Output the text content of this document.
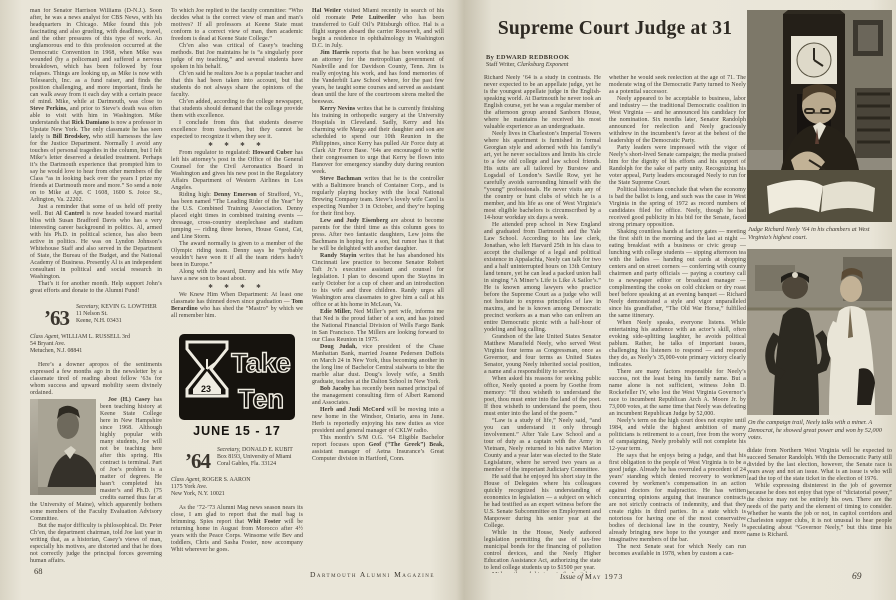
man for Senator Harrison Williams (D-N.J.). Soon after, he was a news analyst for CBS News, with his headquarters in Chicago. Mike found this job fascinating and also grueling, with deadlines, travel, and the other pressures of this type of work. An unglamorous end to this profession occurred at the Democratic Convention in 1968, when Mike was wounded (by a policeman) and suffered a nervous breakdown, which has been followed by four relapses. Things are looking up, as Mike is now with Telesearch, Inc. as a fund raiser, and finds the position challenging, and more important, finds he can walk away from it each day with a certain peace of mind. Mike, while at Dartmouth, was close to Steve Perkins, and prior to Steve’s death was often able to visit with him in Washington. Mike understands that Rick Damiano is now a professor in Upstate New York. The only classmate he has seen lately is Bill Brodskey, who still harnesses the law for the Justice Department. Normally I avoid any touches of personal tragedies in the column, but I felt Mike’s letter deserved a detailed treatment. Perhaps it’s the Dartmouth experience that prompted him to say he would love to hear from other members of the Class “as in looking back over the years I prize my friends at Dartmouth more and more.” So send a note on to Mike at Apt. C 1608, 1600 S. Joice St., Arlington, Va. 22202.

Just a reminder that some of us held off pretty well. But Al Cantrel is now headed toward marital bliss with Susan Bradford Davis who has a very interesting career background in politics. Al, armed with his Ph.D. in political science, has also been active in politics. He was on Lyndon Johnson’s Whitehouse Staff and also served in the Department of State, the Bureau of the Budget, and the National Academy of Business. Presently Al is an independent consultant in political and social research in Washington.

That’s it for another month. Help support John’s great efforts and donate to the Alumni Fund!

’63 Secretary, KEVIN G. LOWTHER
11 Nelson St.
Keene, N.H. 03431
Class Agent, WILLIAM L. RUSSELL 3rd
54 Bryant Ave.
Metuchen, N.J. 08841

Here’s a downer apropos of the sentiments expressed a few months ago in the newsletter by a classmate tired of reading about fellow ’63s for whom success and upward mobility seem divinely ordained.

Joe (H.) Casey has been teaching history at Keene State College here in New Hampshire since 1968. Although highly popular with many students, Joe will not be teaching here after this spring. His contract is terminal. Part of Joe’s problem is a matter of degrees. He hasn’t completed his master’s and Ph.D. (75 credits earned thus far at the University of Maine), which apparently bothers some members of the Faculty Evaluation Advisory Committee.

But the major difficulty is philosophical. Dr. Peter Ch’en, the department chairman, told Joe last year in writing that, as a historian, Casey’s views of man, especially his motives, are distorted and that he does not correctly judge the principal forces governing human affairs.

To which Joe replied to the faculty committee: “Who decides what is the correct view of man and man’s motives? If all professors at Keene State must conform to a correct view of man, then academic freedom is dead at Keene State College.”

Ch’en also was critical of Casey’s teaching methods. But Joe maintains he is “a singularly poor judge of my teaching,” and several students have spoken in his behalf.

Ch’en said he realizes Joe is a popular teacher and that this had been taken into account, but that students do not always share the opinions of the faculty.

Ch’en added, according to the college newspaper, that students should demand that the college provide them with excellence.

I conclude from this that students deserve excellence from teachers, but they cannot be expected to recognize it when they see it.

✱ ✱ ✱ ✱

From regulator to regulated: Howard Cuber has left his attorney’s post in the Office of the General Counsel for the Civil Aeronautics Board in Washington and gives his new post in the Regulatory Affairs Department of Western Airlines in Los Angeles.

Riding high: Denny Emerson of Strafford, Vt., has been named “The Leading Rider of the Year” by the U.S. Combined Training Association. Denny placed eight times in combined training events — dressage, cross-country steeplechase and stadium jumping — riding three horses, House Guest, Cat, and Line Storm.

The award normally is given to a member of the Olympic riding team. Denny says he “probably wouldn’t have won it if all the team riders hadn’t been in Europe.”

Along with the award, Denny and his wife May have a new son to boast about.

✱ ✱ ✱ ✱

We Knew Him When Department: At least one classmate has thinned down since graduation — Tom Berardino who has shed the “Mastro” by which we all remember him.

23
Take
Ten
JUNE 15 - 17
’64 Secretary, DONALD E. KUBIT
Box 8193, University of Miami
Coral Gables, Fla. 33124
Class Agent, ROGER S. AARON
1175 York Ave.
New York, N.Y. 10021

As the ’72-’73 Alumni Mag news season nears its close, I am glad to report that the mail bag is brimming. Spies report that Whit Foster will be returning home in August from Morocco after 4½ years with the Peace Corps. Winsome wife Bev and toddlers, Chris and Sasha Foster, now accompany Whit wherever he goes.

Hal Weiler visited Miami recently in search of his old roomate Pete Luitweiler who has been transferred to Gulf Oil’s Pittsburgh office. Hal is a flight surgeon aboard the carrier Roosevelt, and will begin a residence in ophthalmology in Washington D.C. in July.

Jim Harris reports that he has been working as an attorney for the metropolitan government of Nashville and for Davidson County, Tenn. Jim is really enjoying his work, and has fond memories of the Vanderbilt Law School where, for the past few years, he taught some courses and served as assistant dean until the lure of the courtroom sirens melted the beeswax.

Kerry Nevins writes that he is currently finishing his training in orthopedic surgery at the University Hospitals in Cleveland. Sadly, Kerry and his charming wife Margo and their daughter and son are scheduled to spend our 10th Reunion in the Philippines, since Kerry has pulled Air Force duty at Clark Air Force Base. ’64s are encouraged to write their congressmen to urge that Kerry be flown into Hanover for emergency standby duty during reunion week.

Steve Bachman writes that he is the controller with a Baltimore branch of Container Corp., and is regularly playing hockey with the local National Brewing Company team. Steve’s lovely wife Carol is expecting Number 3 in October, and they’re hoping for their first boy.

Lew and Judy Eisenberg are about to become parents for the third time as this column goes to press. After two fantastic daughters, Lew joins the Bachmans in hoping for a son, but rumor has it that he will be delighted with another daughter.

Randy Stayin writes that he has abandoned his Cincinnati law practice to become Senator Robert Taft Jr.’s executive assistant and counsel for legislation. I plan to descend upon the Stayins in early October for a cup of cheer and an introduction to his wife and three children. Randy urges all Washington area classmates to give him a call at his office or at his home in McLean, Va.

Edie Miller, Ned Miller’s pert wife, informs me that Ned is the proud father of a son, and has joined the National Financial Division of Wells Fargo Bank in San Francisco. The Millers are looking forward to our Class Reunion in 1975.

Doug Judah, vice president of the Chase Manhattan Bank, married Joanne Pedersen DuBois on March 24 in New York, thus becoming another in the long line of Bachelor Central stalwarts to bite the marble altar dust. Doug’s lovely wife, a Smith graduate, teaches at the Dalton School in New York.

Bob Jacoby has recently been named principal of the management consulting firm of Albert Ramond and Associates.

Herb and Judi McCord will be moving into a new home in the Windsor, Ontario, area in June. Herb is reportedly enjoying his new duties as vice president and general manager of CKLW radio.

This month’s S/M O.G. ’64 Eligible Bachelor report focuses upon Geof (“The Greek”) Beak, assistant manager of Aetna Insurance’s Great Computer division in Hartford, Conn.

Supreme Court Judge at 31
By EDWARD REDBROOK
Staff Writer, Clarksburg Exponent

Richard Neely ’64 is a study in contrasts. He never expected to be an appellate judge, yet he is the youngest appellate judge in the English-speaking world. At Dartmouth he never took an English course, yet he was a regular member of the afternoon group around Sanborn House, where he maintains he received his most valuable experience as an undergraduate.

Neely lives in Charleston’s Imperial Towers where his apartment is furnished in formal Georgian style and adorned with his family’s art, yet he never socializes and limits his circle to a few old college and law school friends. His suits are all tailored by Burstow and Logsdail of London’s Saville Row, yet he carefully avoids surrounding himself with the “young” professionals. He never visits any of the country or hunt clubs of which he is a member, and his life as one of West Virginia’s most eligible bachelors is circumscribed by a 14-hour workday six days a week.

He attended prep school in New England and graduated from Dartmouth and the Yale Law School. According to his law clerk, Jonathan, who left Harvard 25th in his class to accept the challenge of a legal and political existence in Appalachia, Neely can talk for two and a half uninterrupted hours on 13th Century land tenure, yet he can lead a packed union hall in singing “A Miner’s Life is Like A Sailor’s.” He is known among lawyers who practice before the Supreme Court as a judge who will not hesitate to express principles of law in maxims, and he is known among Democratic precinct workers as a man who can enliven an entire Democratic picnic with a half-hour of yodeling and hog calling.

Grandson of the late United States Senator Matthew Mansfield Neely, who served West Virginia four terms as Congressman, once as Governor, and four terms as United States Senator, young Neely inherited social position, a name and a responsibility to service.

When asked his reasons for seeking public office, Neely quoted a poem by Goethe from memory: “If thou wisheth to understand the poet, thou must enter into the land of the poet. If thou wisheth to understand the poem, thou must enter into the land of the poem.”

“Law is a study of life,” Neely said, “and you can understand it only through involvement.” After Yale Law School and a tour of duty as a captain with the Army in Vietnam, Neely returned to his native Marion County and a year later was elected to the State Legislature, where he served two years as a member of the important Judiciary Committee.

He said that he enjoyed his short stay in the House of Delegates where his colleagues quickly recognized his understanding of economics in legislation — a subject on which he had testified as an expert witness before the U.S. Senate Subcommittee on Employment and Manpower during his senior year at the College.

While in the House, Neely authored legislation permitting the use of tax-free municipal bonds for the financing of pollution control devices, and the Neely Higher Education Assistance Act, authorizing the state to lend college students up to $1500 per year.

whether he would seek reelection at the age of 71. The moderate wing of the Democratic Party turned to Neely as a potential successor.

Neely appeared to be acceptable to business, labor and industry — the traditional Democratic coalition in West Virginia — and he announced his candidacy for the nomination. Six months later, Senator Randolph announced for reelection and Neely graciously withdrew in the incumbent’s favor at the behest of the leadership of the Democratic Party.

Party leaders were impressed with the vigor of Neely’s short-lived Senate campaign; the media praised him for the dignity of his efforts and his support of Randolph for the sake of party unity. Recognizing his voter appeal, Party leaders encouraged Neely to run for the State Supreme Court.

Political historians conclude that when the economy is bad the ballot is long, and such was the case in West Virginia in the spring of 1972 as record numbers of candidates filed for office. Neely, though he had received good publicity in his bid for the Senate, faced strong primary opposition.

Shaking countless hands at factory gates — meeting the first shift in the morning and the last at night — eating breakfast with a business or civic group — lunching with college students — sipping afternoon tea with the ladies — handing out cards at shopping centers and on street corners — conferring with county chairmen and party officials — paying a courtesy call to a newspaper editor or broadcast manager — complimenting the cooks on cold chicken or dry roast beef before speaking at an evening banquet — Richard Neely demonstrated a style and vigor unparalleled since his grandfather, “The Old War Horse,” fulfilled the same itinerary.

When Neely speaks, everyone listens. While entertaining his audience with an actor’s skill, often evoking side-splitting laughter, he avoids political pablum. Rather, he talks of important issues, challenging his listeners to respond — and respond they do, as Neely’s 35,000-vote primary victory clearly indicates.

There are many factors responsible for Neely’s success, not the least being his family name. But a name alone is not sufficient, witness John D. Rockefeller IV, who lost the West Virginia Governor’s race to incumbent Republican Arch A. Moore Jr. by 73,000 votes, at the same time that Neely was defeating an incumbent Republican Judge by 52,000.

Neely’s term on the high court does not expire until 1984, and while the highest ambition of many politicians is retirement to a court, free from the worry of campaigning, Neely probably will not complete his 12-year term.

He says that he enjoys being a judge, and that his first obligation to the people of West Virginia is to be a good judge. Already he has overruled a precedent of 24 years’ standing which denied recovery to workmen covered by workmen’s compensation in an action against doctors for malpractice. He has written concurring opinions arguing that insurance contracts are not strictly contracts of indemnity, and that they create rights in third parties. In a state which is notorious for having one of the most conservative bodies of decisional law in the country, Neely is already bringing new hope to the younger and more imaginative members of the bar.

The next Senate seat for which Neely can run becomes available in 1978, when by custom a can-

Judge Richard Neely ’64 in his chambers at West Virginia’s highest court.

On the campaign trail, Neely talks with a miner. A Democrat, he showed great power and won by 52,000 votes.

didate from Northern West Virginia will be expected to succeed Senator Randolph. With the Democratic Party still divided by the last election, however, the Senate race is years away and not an issue. What is an issue is who will lead the top of the state ticket in the election of 1976.

While expressing disinterest in the job of governor because he does not enjoy that type of “dictatorial power,” the choice may not be entirely his own. There are the needs of the party and the element of timing to consider. Whether he wants the job or not, in capitol corridors and Charleston supper clubs, it is not unusual to hear people speculating about “Governor Neely,” but this time his name is Richard.

68	Dartmouth Alumni Magazine	Issue of May 1973	69
